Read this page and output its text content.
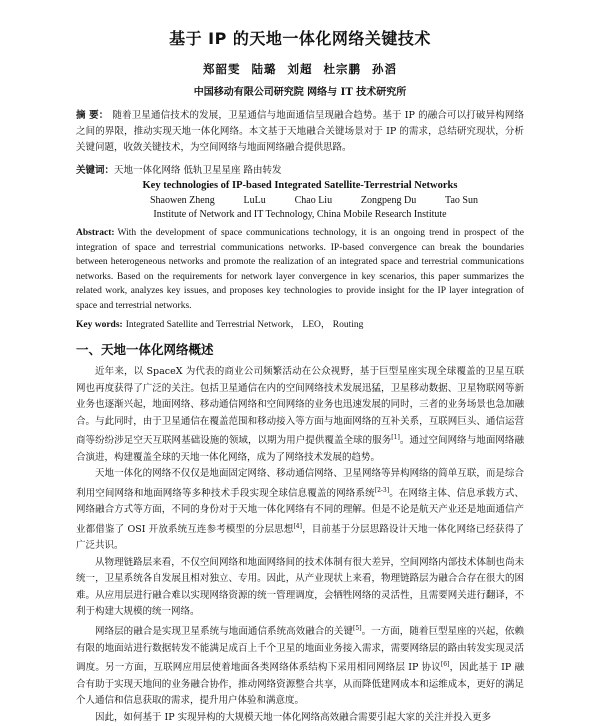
基于 IP 的天地一体化网络关键技术
郑韶雯 陆璐 刘超 杜宗鹏 孙滔
中国移动有限公司研究院 网络与 IT 技术研究所

摘 要： 随着卫星通信技术的发展，卫星通信与地面通信呈现融合趋势。基于 IP 的融合可以打破异构网络之间的界限，推动实现天地一体化网络。本文基于天地融合关键场景对于 IP 的需求，总结研究现状，分析关键问题，收敛关键技术，为空间网络与地面网络融合提供思路。

关键词：天地一体化网络 低轨卫星星座 路由转发

Key technologies of IP-based Integrated Satellite-Terrestrial Networks
Shaowen Zheng	LuLu	Chao Liu	Zongpeng Du	Tao Sun
Institute of Network and IT Technology, China Mobile Research Institute

Abstract: With the development of space communications technology, it is an ongoing trend in prospect of the integration of space and terrestrial communications networks. IP-based convergence can break the boundaries between heterogeneous networks and promote the realization of an integrated space and terrestrial communications networks. Based on the requirements for network layer convergence in key scenarios, this paper summarizes the related work, analyzes key issues, and proposes key technologies to provide insight for the IP layer integration of space and terrestrial networks.

Key words: Integrated Satellite and Terrestrial Network， LEO， Routing

一、天地一体化网络概述

近年来，以 SpaceX 为代表的商业公司频繁活动在公众视野，基于巨型星座实现全球覆盖的卫星互联网也再度获得了广泛的关注。包括卫星通信在内的空间网络技术发展迅猛，卫星移动数据、卫星物联网等新业务也逐渐兴起，地面网络、移动通信网络和空间网络的业务也迅速发展的同时，三者的业务场景也急加融合。与此同时，由于卫星通信在覆盖范围和移动接入等方面与地面网络的互补关系，互联网巨头、通信运营商等纷纷涉足空天互联网基础设施的领域，以期为用户提供覆盖全球的服务[1]。通过空间网络与地面网络融合演进，构建覆盖全球的天地一体化网络，成为了网络技术发展的趋势。

天地一体化的网络不仅仅是地面固定网络、移动通信网络、卫星网络等异构网络的简单互联，而是综合利用空间网络和地面网络等多种技术手段实现全球信息覆盖的网络系统[2-3]。在网络主体、信息承载方式、网络融合方式等方面，不同的身份对于天地一体化网络有不同的理解。但是不论是航天产业还是地面通信产业都借鉴了 OSI 开放系统互连参考模型的分层思想[4]，目前基于分层思路设计天地一体化网络已经获得了广泛共识。

从物理链路层来看，不仅空间网络和地面网络间的技术体制有很大差异，空间网络内部技术体制也尚未统一，卫星系统各自发展且相对独立、专用。因此，从产业现状上来看，物理链路层为融合合存在很大的困难。从应用层进行融合难以实现网络资源的统一管理调度，会牺牲网络的灵活性，且需要网关进行翻译，不利于构建大规模的统一网络。

网络层的融合是实现卫星系统与地面通信系统高效融合的关键[5]。一方面，随着巨型星座的兴起，依赖有限的地面站进行数据转发不能满足成百上千个卫星的地面业务接入需求，需要网络层的路由转发实现灵活调度。另一方面，互联网应用层使着地面各类网络体系结构下采用相同网络层 IP 协议[6]，因此基于 IP 融合有助于实现天地间的业务融合协作，推动网络资源整合共享，从而降低建网成本和运维成本，更好的满足个人通信和信息获取的需求，提升用户体验和满意度。

因此，如何基于 IP 实现异构的大规模天地一体化网络高效融合需要引起大家的关注并投入更多
